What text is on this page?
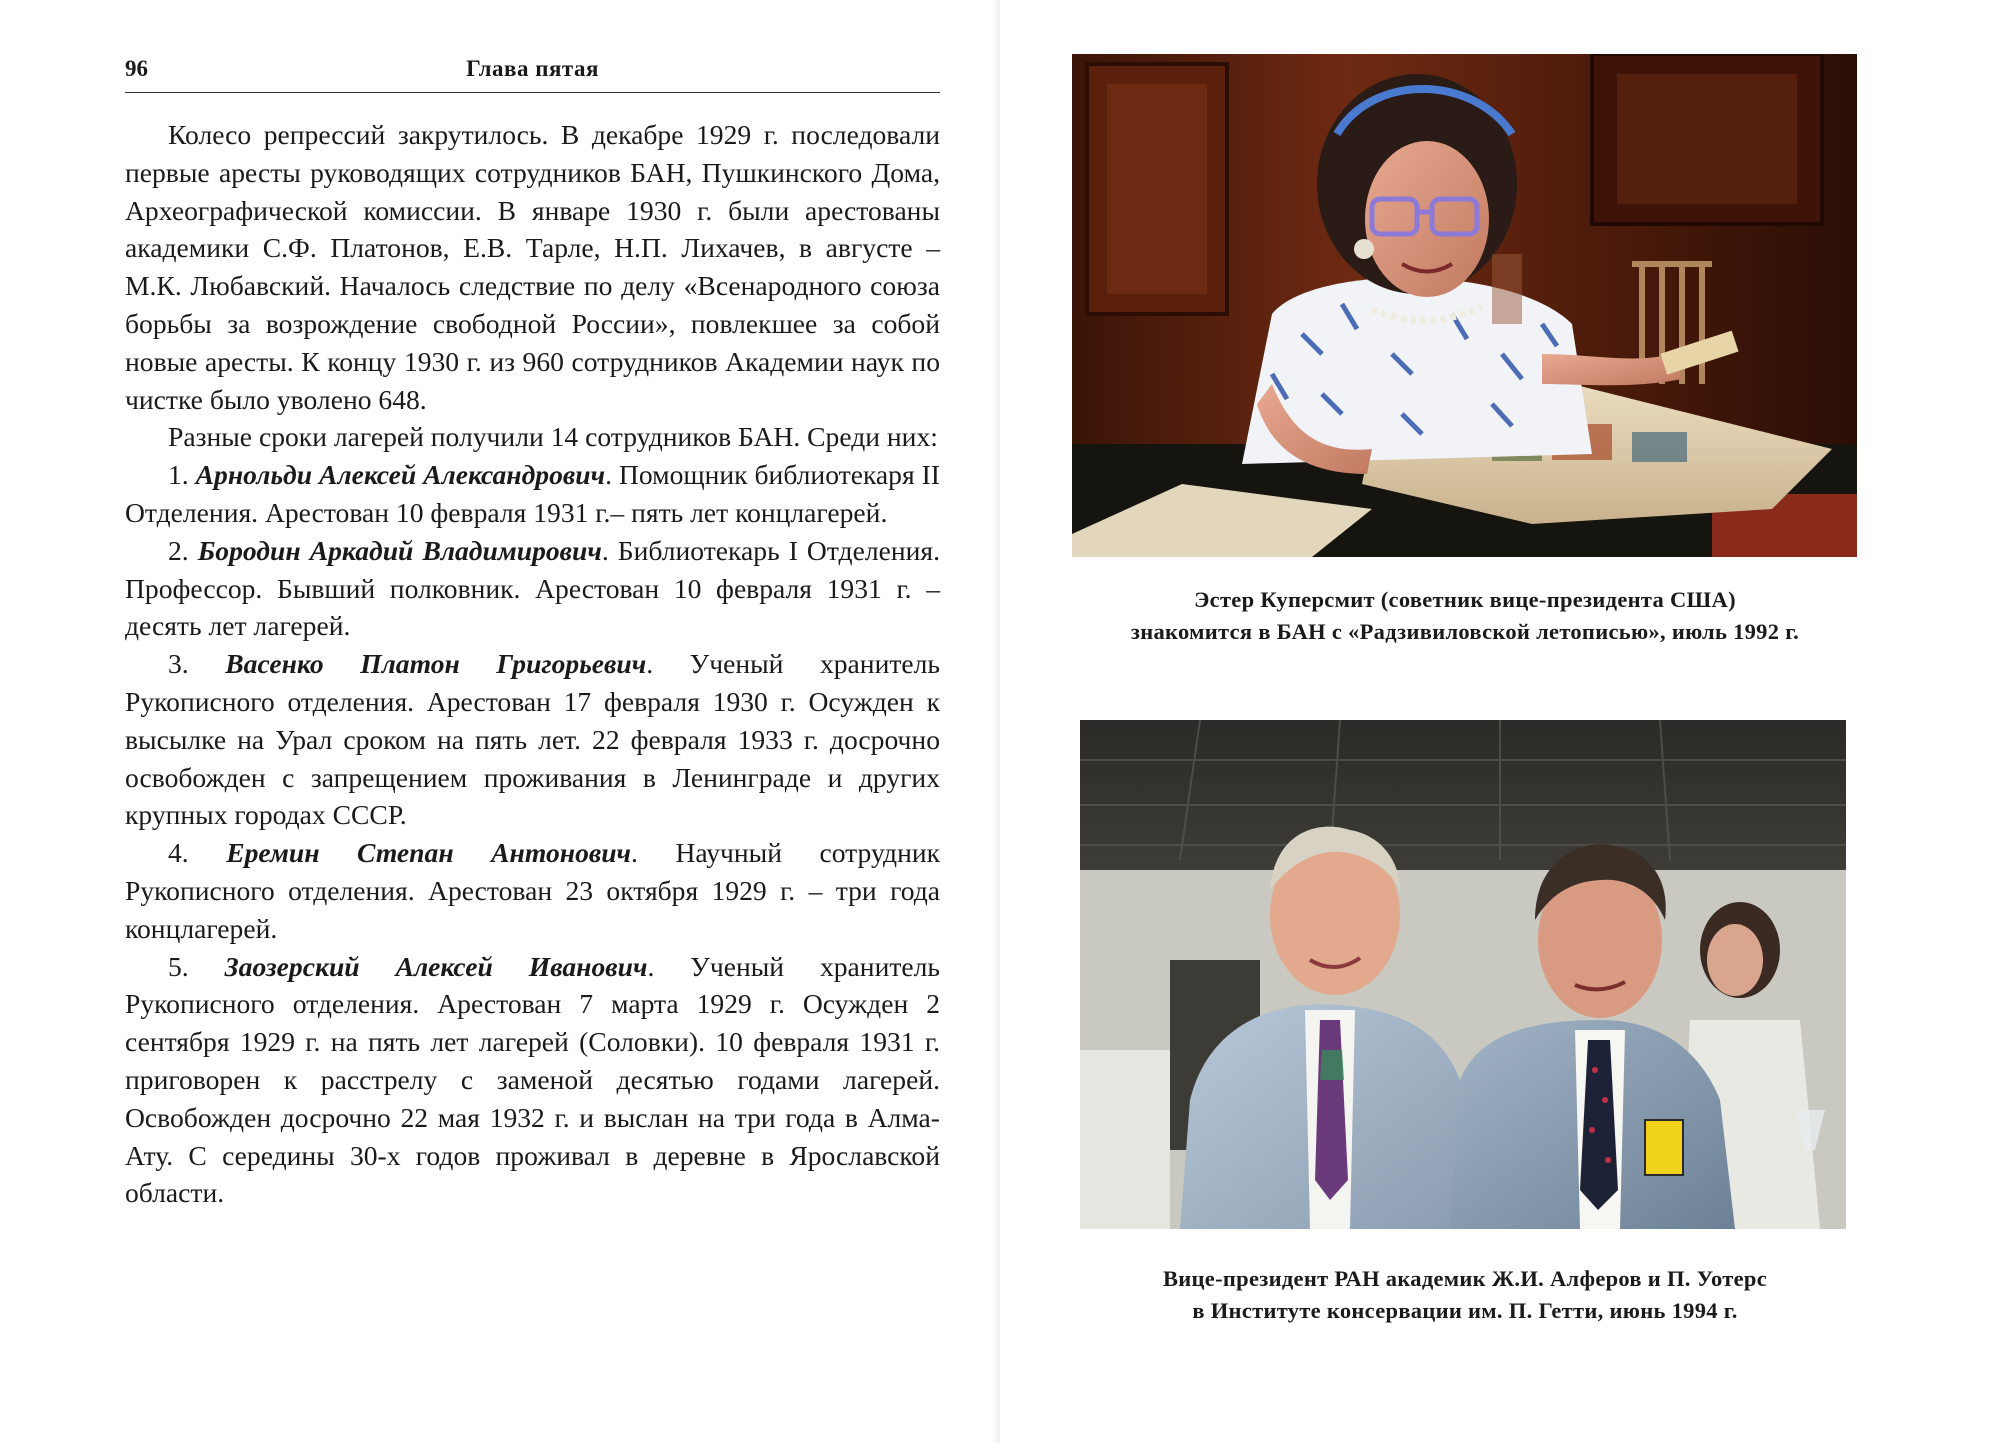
96	Глава пятая

Колесо репрессий закрутилось. В декабре 1929 г. последовали первые аресты руководящих сотрудников БАН, Пушкинского Дома, Археографической комиссии. В январе 1930 г. были арестованы академики С.Ф. Платонов, Е.В. Тарле, Н.П. Лихачев, в августе – М.К. Любавский. Началось следствие по делу «Всенародного союза борьбы за возрождение свободной России», повлекшее за собой новые аресты. К концу 1930 г. из 960 сотрудников Академии наук по чистке было уволено 648.

Разные сроки лагерей получили 14 сотрудников БАН. Среди них:

1. Арнольди Алексей Александрович. Помощник библиотекаря II Отделения. Арестован 10 февраля 1931 г.– пять лет концлагерей.

2. Бородин Аркадий Владимирович. Библиотекарь I Отделения. Профессор. Бывший полковник. Арестован 10 февраля 1931 г. – десять лет лагерей.

3. Васенко Платон Григорьевич. Ученый хранитель Рукописного отделения. Арестован 17 февраля 1930 г. Осужден к высылке на Урал сроком на пять лет. 22 февраля 1933 г. досрочно освобожден с запрещением проживания в Ленинграде и других крупных городах СССР.

4. Еремин Степан Антонович. Научный сотрудник Рукописного отделения. Арестован 23 октября 1929 г. – три года концлагерей.

5. Заозерский Алексей Иванович. Ученый хранитель Рукописного отделения. Арестован 7 марта 1929 г. Осужден 2 сентября 1929 г. на пять лет лагерей (Соловки). 10 февраля 1931 г. приговорен к расстрелу с заменой десятью годами лагерей. Освобожден досрочно 22 мая 1932 г. и выслан на три года в Алма-Ату. С середины 30-х годов проживал в деревне в Ярославской области.

Эстер Куперсмит (советник вице-президента США)
знакомится в БАН с «Радзивиловской летописью», июль 1992 г.
Вице-президент РАН академик Ж.И. Алферов и П. Уотерс
в Институте консервации им. П. Гетти, июнь 1994 г.
